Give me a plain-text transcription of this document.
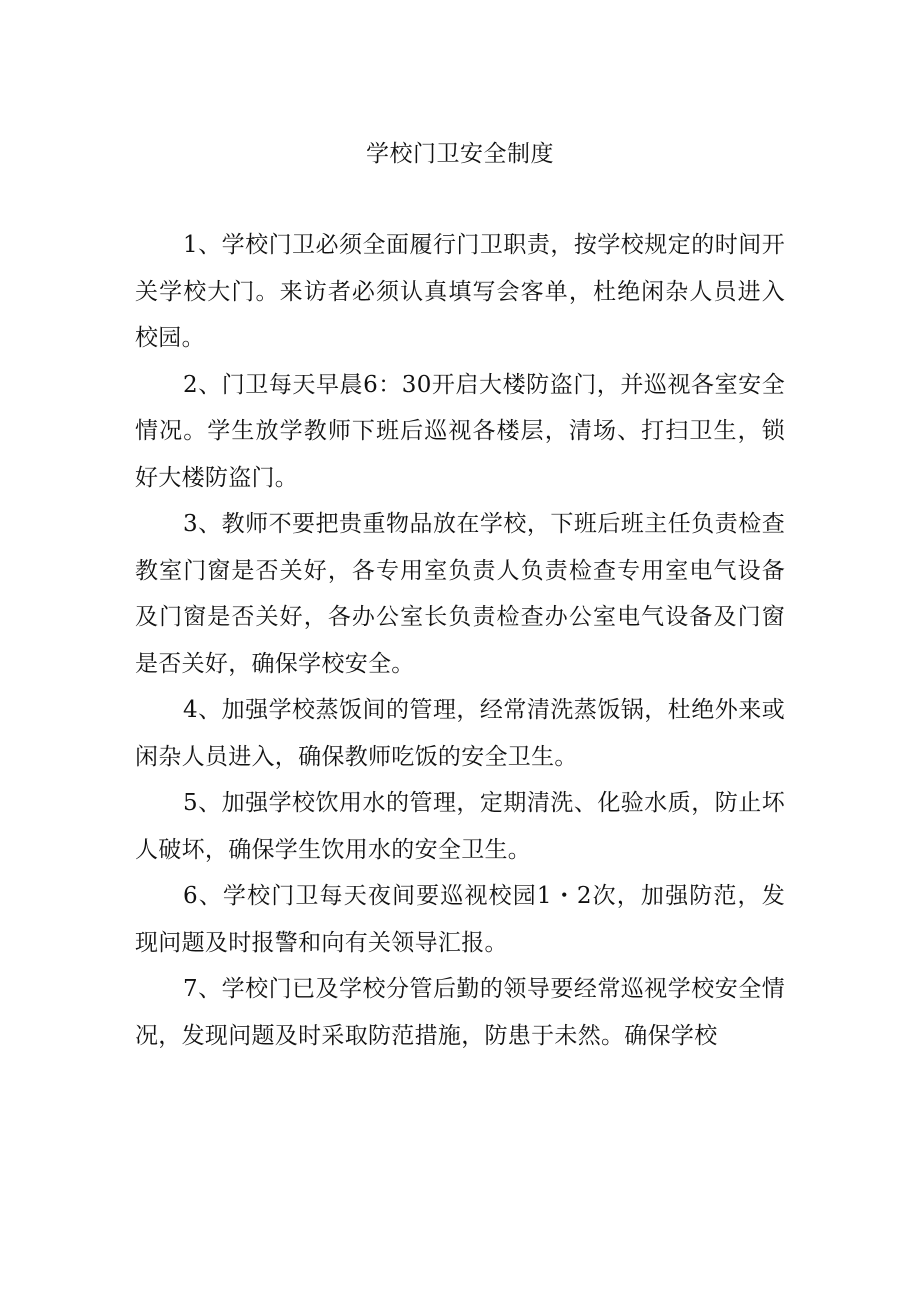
学校门卫安全制度

1、学校门卫必须全面履行门卫职责，按学校规定的时间开关学校大门。来访者必须认真填写会客单，杜绝闲杂人员进入校园。

2、门卫每天早晨6：30开启大楼防盗门，并巡视各室安全情况。学生放学教师下班后巡视各楼层，清场、打扫卫生，锁好大楼防盗门。

3、教师不要把贵重物品放在学校，下班后班主任负责检查教室门窗是否关好，各专用室负责人负责检查专用室电气设备及门窗是否关好，各办公室长负责检查办公室电气设备及门窗是否关好，确保学校安全。

4、加强学校蒸饭间的管理，经常清洗蒸饭锅，杜绝外来或闲杂人员进入，确保教师吃饭的安全卫生。

5、加强学校饮用水的管理，定期清洗、化验水质，防止坏人破坏，确保学生饮用水的安全卫生。

6、学校门卫每天夜间要巡视校园1・2次，加强防范，发现问题及时报警和向有关领导汇报。

7、学校门已及学校分管后勤的领导要经常巡视学校安全情况，发现问题及时采取防范措施，防患于未然。确保学校
